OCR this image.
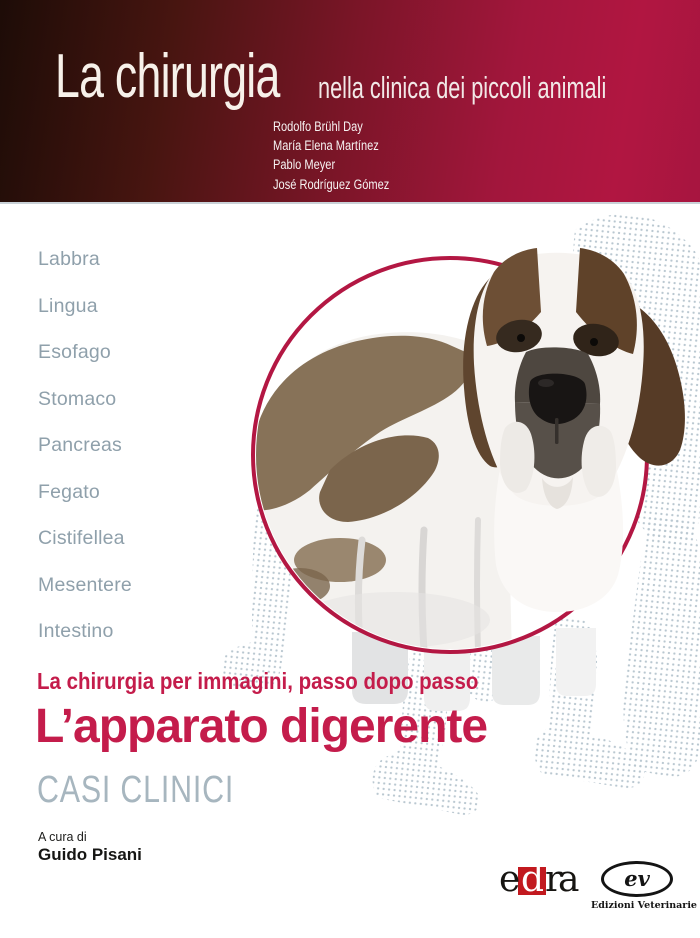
La chirurgia nella clinica dei piccoli animali
Rodolfo Brühl Day
María Elena Martínez
Pablo Meyer
José Rodríguez Gómez
Labbra
Lingua
Esofago
Stomaco
Pancreas
Fegato
Cistifellea
Mesentere
Intestino
La chirurgia per immagini, passo dopo passo
L’apparato digerente
CASI CLINICI
A cura di
Guido Pisani
e d r
a	ev
Edizioni Veterinarie
